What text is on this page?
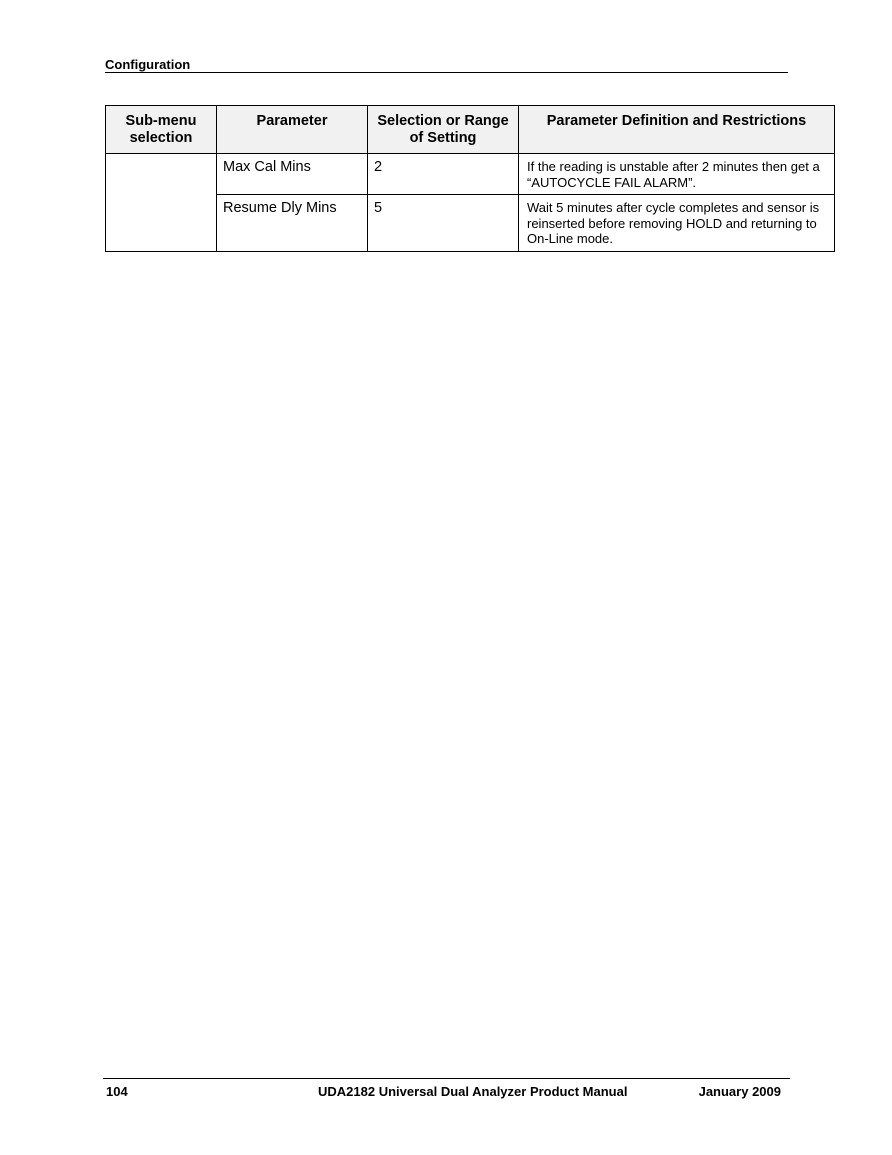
Configuration
Sub-menu selection	Parameter	Selection or Range of Setting	Parameter Definition and Restrictions
	Max Cal Mins	2	If the reading is unstable after 2 minutes then get a “AUTOCYCLE FAIL ALARM”.
	Resume Dly Mins	5	Wait 5 minutes after cycle completes and sensor is reinserted before removing HOLD and returning to On-Line mode.
104	UDA2182 Universal Dual Analyzer Product Manual	January 2009
